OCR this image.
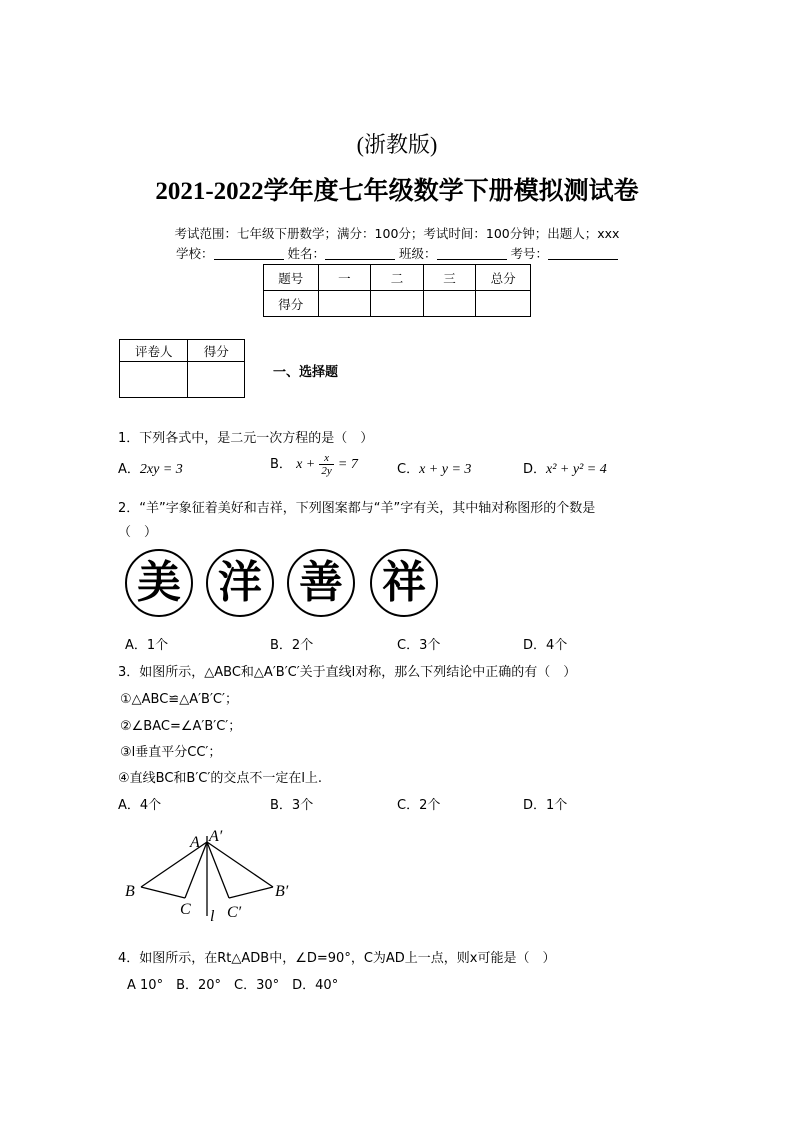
(浙教版)
2021-2022学年度七年级数学下册模拟测试卷
考试范围：七年级下册数学；满分：100分；考试时间：100分钟；出题人；xxx
学校：	姓名：	班级：	考号：
题号	一	二	三	总分
得分				
评卷人	得分

一、选择题
1．下列各式中，是二元一次方程的是（　）
A．2xy = 3	B． $x + \frac{x}{2y} = 7$	C．x + y = 3	D．x² + y² = 4
2．“羊”字象征着美好和吉祥，下列图案都与“羊”字有关，其中轴对称图形的个数是
（　）
美 洋 善 祥
A．1个	B．2个	C．3个	D．4个
3．如图所示，△ABC和△A′B′C′关于直线l对称，那么下列结论中正确的有（　）
①△ABC≌△A′B′C′；
②∠BAC=∠A′B′C′；
③l垂直平分CC′；
④直线BC和B′C′的交点不一定在l上.
A．4个	B．3个	C．2个	D．1个
A A′
B	B′
C C′
l
4．如图所示，在Rt△ADB中，∠D=90°，C为AD上一点，则x可能是（　）
A 10°　B．20°　C．30°　D．40°
